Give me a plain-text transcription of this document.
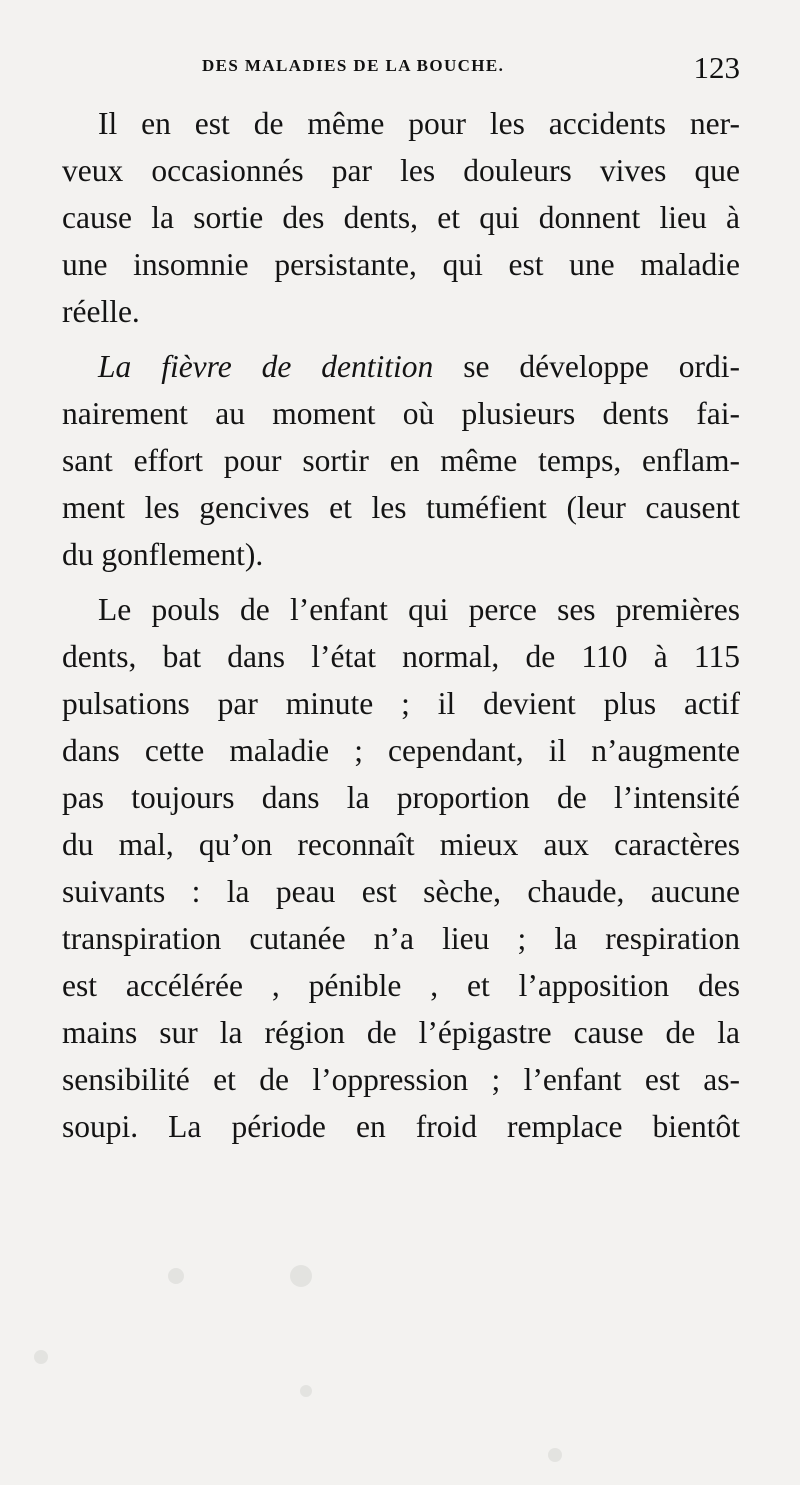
DES MALADIES DE LA BOUCHE.	123
Il en est de même pour les accidents ner-
veux occasionnés par les douleurs vives que
cause la sortie des dents, et qui donnent lieu à
une insomnie persistante, qui est une maladie
réelle.
La fièvre de dentition se développe ordi-
nairement au moment où plusieurs dents fai-
sant effort pour sortir en même temps, enflam-
ment les gencives et les tuméfient (leur causent
du gonflement).
Le pouls de l’enfant qui perce ses premières
dents, bat dans l’état normal, de 110 à 115
pulsations par minute ; il devient plus actif
dans cette maladie ; cependant, il n’augmente
pas toujours dans la proportion de l’intensité
du mal, qu’on reconnaît mieux aux caractères
suivants : la peau est sèche, chaude, aucune
transpiration cutanée n’a lieu ; la respiration
est accélérée , pénible , et l’apposition des
mains sur la région de l’épigastre cause de la
sensibilité et de l’oppression ; l’enfant est as-
soupi. La période en froid remplace bientôt
